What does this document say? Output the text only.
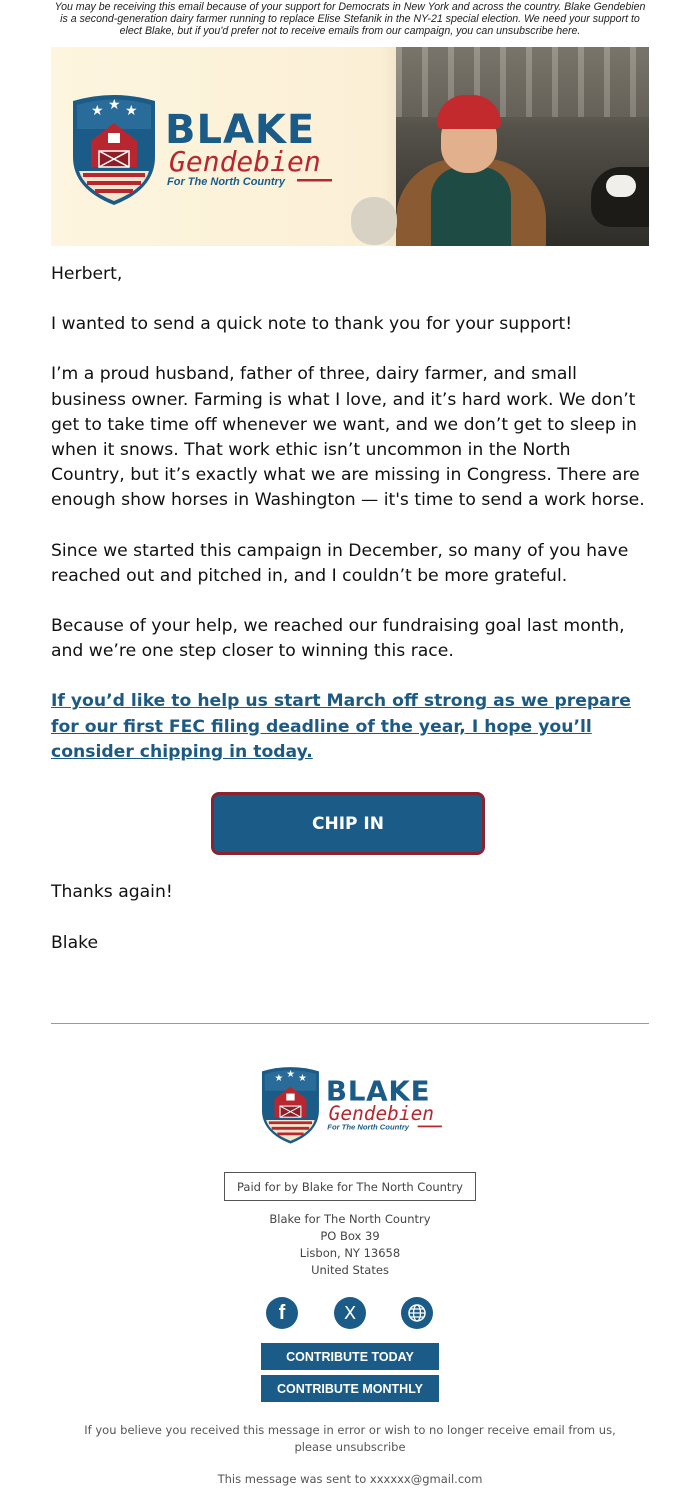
You may be receiving this email because of your support for Democrats in New York and across the country. Blake Gendebien is a second-generation dairy farmer running to replace Elise Stefanik in the NY-21 special election. We need your support to elect Blake, but if you'd prefer not to receive emails from our campaign, you can unsubscribe here.
★ ★ ★ BLAKE
Gendebien
For The North Country

Herbert,

I wanted to send a quick note to thank you for your support!

I’m a proud husband, father of three, dairy farmer, and small business owner. Farming is what I love, and it’s hard work. We don’t get to take time off whenever we want, and we don’t get to sleep in when it snows. That work ethic isn’t uncommon in the North Country, but it’s exactly what we are missing in Congress. There are enough show horses in Washington — it's time to send a work horse.

Since we started this campaign in December, so many of you have reached out and pitched in, and I couldn’t be more grateful.

Because of your help, we reached our fundraising goal last month, and we’re one step closer to winning this race.

If you’d like to help us start March off strong as we prepare for our first FEC filing deadline of the year, I hope you’ll consider chipping in today.

CHIP IN
Thanks again!
Blake
★ ★ ★ BLAKE
Gendebien
For The North Country
Paid for by Blake for The North Country
Blake for The North Country
PO Box 39
Lisbon, NY 13658
United States
f	X
CONTRIBUTE TODAY
CONTRIBUTE MONTHLY
If you believe you received this message in error or wish to no longer receive email from us, please unsubscribe
This message was sent to xxxxxx@gmail.com
